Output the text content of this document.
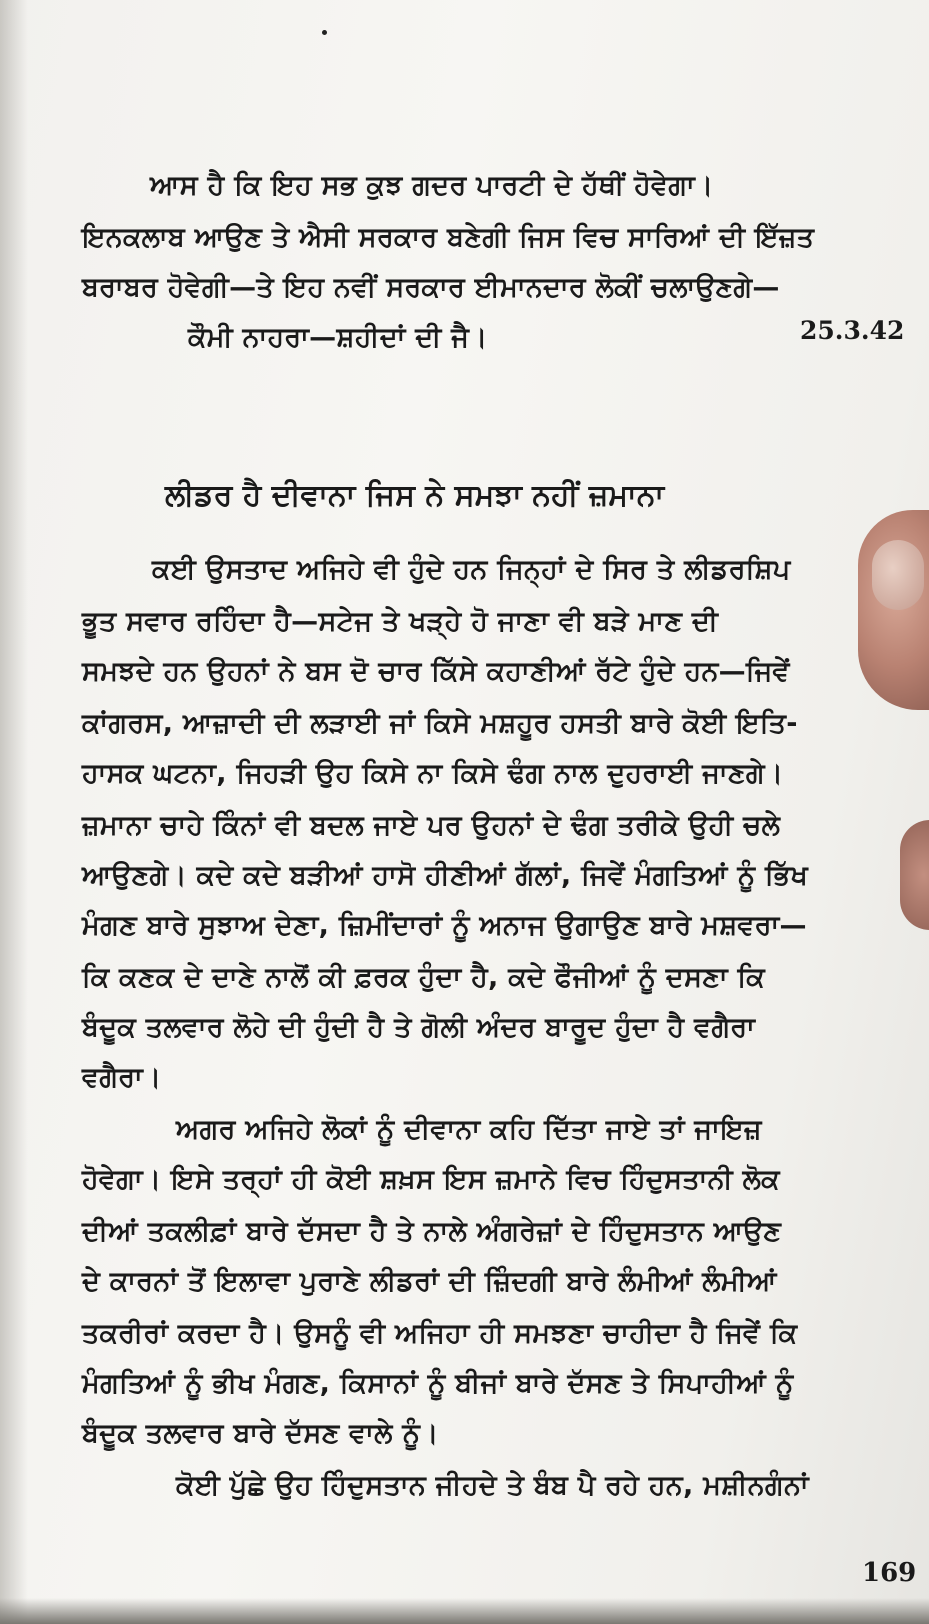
ਆਸ ਹੈ ਕਿ ਇਹ ਸਭ ਕੁਝ ਗਦਰ ਪਾਰਟੀ ਦੇ ਹੱਥੀਂ ਹੋਵੇਗਾ।
ਇਨਕਲਾਬ ਆਉਣ ਤੇ ਐਸੀ ਸਰਕਾਰ ਬਣੇਗੀ ਜਿਸ ਵਿਚ ਸਾਰਿਆਂ ਦੀ ਇੱਜ਼ਤ
ਬਰਾਬਰ ਹੋਵੇਗੀ—ਤੇ ਇਹ ਨਵੀਂ ਸਰਕਾਰ ਈਮਾਨਦਾਰ ਲੋਕੀਂ ਚਲਾਉਣਗੇ—
ਕੌਮੀ ਨਾਹਰਾ—ਸ਼ਹੀਦਾਂ ਦੀ ਜੈ।	25.3.42
ਲੀਡਰ ਹੈ ਦੀਵਾਨਾ ਜਿਸ ਨੇ ਸਮਝਾ ਨਹੀਂ ਜ਼ਮਾਨਾ
ਕਈ ਉਸਤਾਦ ਅਜਿਹੇ ਵੀ ਹੁੰਦੇ ਹਨ ਜਿਨ੍ਹਾਂ ਦੇ ਸਿਰ ਤੇ ਲੀਡਰਸ਼ਿਪ
ਭੂਤ ਸਵਾਰ ਰਹਿੰਦਾ ਹੈ—ਸਟੇਜ ਤੇ ਖੜ੍ਹੇ ਹੋ ਜਾਣਾ ਵੀ ਬੜੇ ਮਾਣ ਦੀ
ਸਮਝਦੇ ਹਨ ਉਹਨਾਂ ਨੇ ਬਸ ਦੋ ਚਾਰ ਕਿੱਸੇ ਕਹਾਣੀਆਂ ਰੱਟੇ ਹੁੰਦੇ ਹਨ—ਜਿਵੇਂ
ਕਾਂਗਰਸ, ਆਜ਼ਾਦੀ ਦੀ ਲੜਾਈ ਜਾਂ ਕਿਸੇ ਮਸ਼ਹੂਰ ਹਸਤੀ ਬਾਰੇ ਕੋਈ ਇਤਿ-
ਹਾਸਕ ਘਟਨਾ, ਜਿਹੜੀ ਉਹ ਕਿਸੇ ਨਾ ਕਿਸੇ ਢੰਗ ਨਾਲ ਦੁਹਰਾਈ ਜਾਣਗੇ।
ਜ਼ਮਾਨਾ ਚਾਹੇ ਕਿੰਨਾਂ ਵੀ ਬਦਲ ਜਾਏ ਪਰ ਉਹਨਾਂ ਦੇ ਢੰਗ ਤਰੀਕੇ ਉਹੀ ਚਲੇ
ਆਉਣਗੇ। ਕਦੇ ਕਦੇ ਬੜੀਆਂ ਹਾਸੋ ਹੀਣੀਆਂ ਗੱਲਾਂ, ਜਿਵੇਂ ਮੰਗਤਿਆਂ ਨੂੰ ਭਿੱਖ
ਮੰਗਣ ਬਾਰੇ ਸੁਝਾਅ ਦੇਣਾ, ਜ਼ਿਮੀਂਦਾਰਾਂ ਨੂੰ ਅਨਾਜ ਉਗਾਉਣ ਬਾਰੇ ਮਸ਼ਵਰਾ—
ਕਿ ਕਣਕ ਦੇ ਦਾਣੇ ਨਾਲੋਂ ਕੀ ਫ਼ਰਕ ਹੁੰਦਾ ਹੈ, ਕਦੇ ਫੌਜੀਆਂ ਨੂੰ ਦਸਣਾ ਕਿ
ਬੰਦੂਕ ਤਲਵਾਰ ਲੋਹੇ ਦੀ ਹੁੰਦੀ ਹੈ ਤੇ ਗੋਲੀ ਅੰਦਰ ਬਾਰੂਦ ਹੁੰਦਾ ਹੈ ਵਗੈਰਾ
ਵਗੈਰਾ।
ਅਗਰ ਅਜਿਹੇ ਲੋਕਾਂ ਨੂੰ ਦੀਵਾਨਾ ਕਹਿ ਦਿੱਤਾ ਜਾਏ ਤਾਂ ਜਾਇਜ਼
ਹੋਵੇਗਾ। ਇਸੇ ਤਰ੍ਹਾਂ ਹੀ ਕੋਈ ਸ਼ਖ਼ਸ ਇਸ ਜ਼ਮਾਨੇ ਵਿਚ ਹਿੰਦੁਸਤਾਨੀ ਲੋਕ
ਦੀਆਂ ਤਕਲੀਫ਼ਾਂ ਬਾਰੇ ਦੱਸਦਾ ਹੈ ਤੇ ਨਾਲੇ ਅੰਗਰੇਜ਼ਾਂ ਦੇ ਹਿੰਦੁਸਤਾਨ ਆਉਣ
ਦੇ ਕਾਰਨਾਂ ਤੋਂ ਇਲਾਵਾ ਪੁਰਾਣੇ ਲੀਡਰਾਂ ਦੀ ਜ਼ਿੰਦਗੀ ਬਾਰੇ ਲੰਮੀਆਂ ਲੰਮੀਆਂ
ਤਕਰੀਰਾਂ ਕਰਦਾ ਹੈ। ਉਸਨੂੰ ਵੀ ਅਜਿਹਾ ਹੀ ਸਮਝਣਾ ਚਾਹੀਦਾ ਹੈ ਜਿਵੇਂ ਕਿ
ਮੰਗਤਿਆਂ ਨੂੰ ਭੀਖ ਮੰਗਣ, ਕਿਸਾਨਾਂ ਨੂੰ ਬੀਜਾਂ ਬਾਰੇ ਦੱਸਣ ਤੇ ਸਿਪਾਹੀਆਂ ਨੂੰ
ਬੰਦੂਕ ਤਲਵਾਰ ਬਾਰੇ ਦੱਸਣ ਵਾਲੇ ਨੂੰ।
ਕੋਈ ਪੁੱਛੇ ਉਹ ਹਿੰਦੁਸਤਾਨ ਜੀਹਦੇ ਤੇ ਬੰਬ ਪੈ ਰਹੇ ਹਨ, ਮਸ਼ੀਨਗੰਨਾਂ
169
